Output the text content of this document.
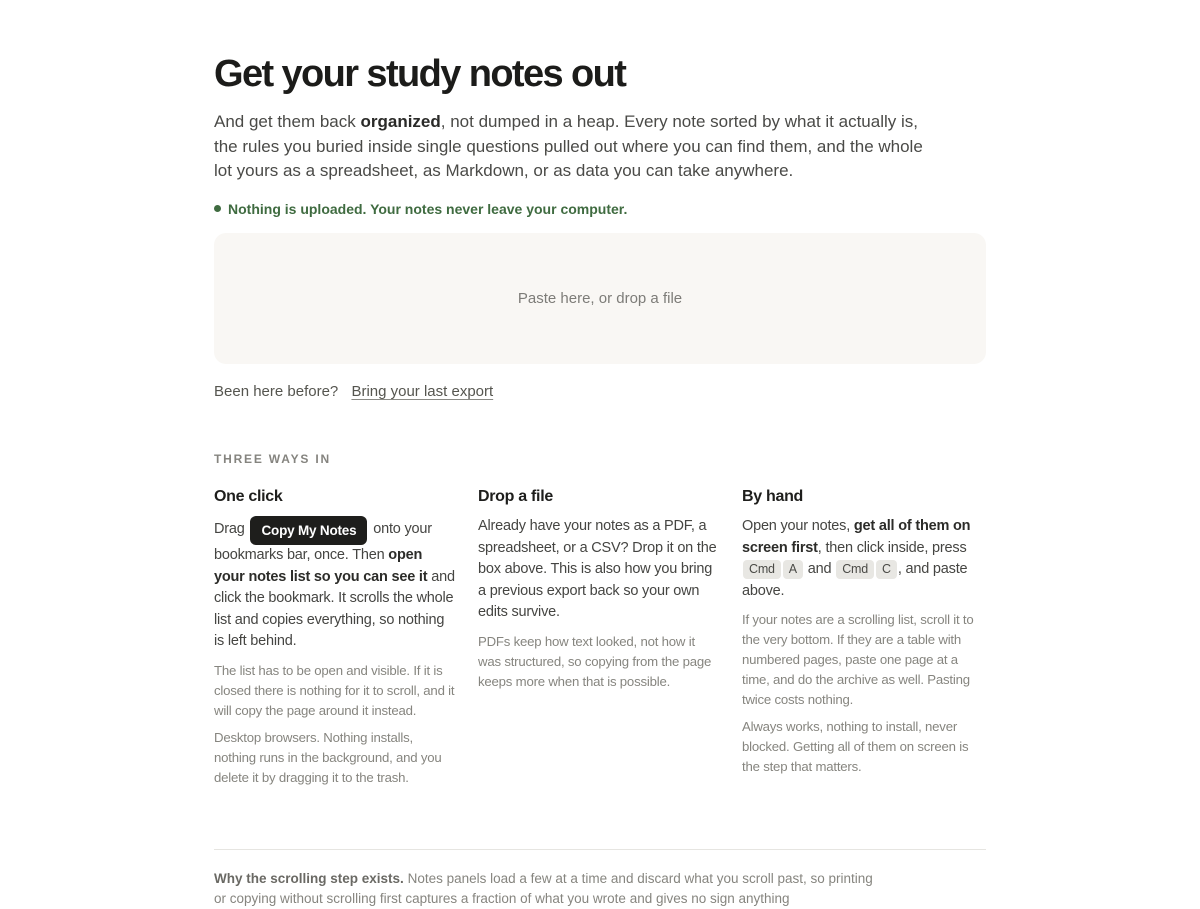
Get your study notes out

And get them back organized, not dumped in a heap. Every note sorted by what it actually is, the rules you buried inside single questions pulled out where you can find them, and the whole lot yours as a spreadsheet, as Markdown, or as data you can take anywhere.

Nothing is uploaded. Your notes never leave your computer.
Paste here, or drop a file
Been here before? Bring your last export
THREE WAYS IN
One click

Drag Copy My Notes onto your bookmarks bar, once. Then open your notes list so you can see it and click the bookmark. It scrolls the whole list and copies everything, so nothing is left behind.

The list has to be open and visible. If it is closed there is nothing for it to scroll, and it will copy the page around it instead.

Desktop browsers. Nothing installs, nothing runs in the background, and you delete it by dragging it to the trash.

Drop a file

Already have your notes as a PDF, a spreadsheet, or a CSV? Drop it on the box above. This is also how you bring a previous export back so your own edits survive.

PDFs keep how text looked, not how it was structured, so copying from the page keeps more when that is possible.

By hand

Open your notes, get all of them on screen first, then click inside, press Cmd A and Cmd C , and paste above.

If your notes are a scrolling list, scroll it to the very bottom. If they are a table with numbered pages, paste one page at a time, and do the archive as well. Pasting twice costs nothing.

Always works, nothing to install, never blocked. Getting all of them on screen is the step that matters.

Why the scrolling step exists. Notes panels load a few at a time and discard what you scroll past, so printing or copying without scrolling first captures a fraction of what you wrote and gives no sign anything
